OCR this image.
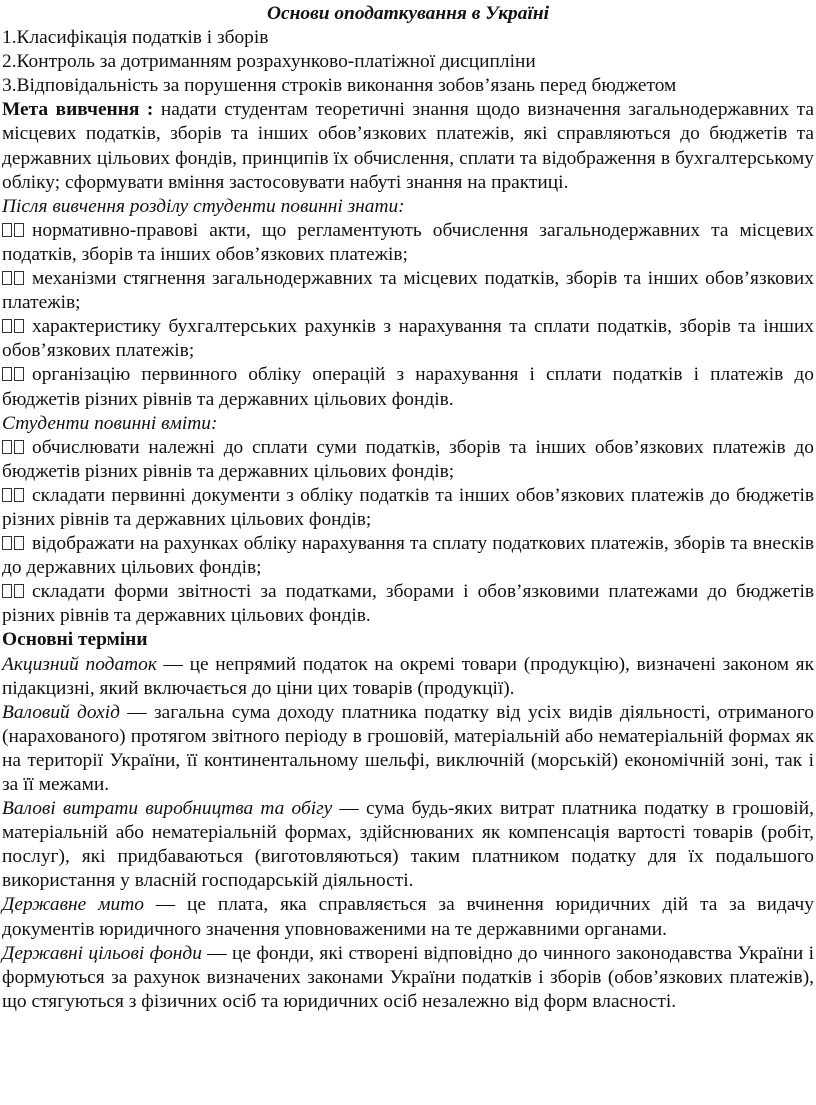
Основи оподаткування в Україні
1.Класифікація податків і зборів
2.Контроль за дотриманням розрахунково-платіжної дисципліни
3.Відповідальність за порушення строків виконання зобов’язань перед бюджетом

Мета вивчення : надати студентам теоретичні знання щодо визначення загальнодержавних та місцевих податків, зборів та інших обов’язкових платежів, які справляються до бюджетів та державних цільових фондів, принципів їх обчислення, сплати та відображення в бухгалтерському обліку; сформувати вміння застосовувати набуті знання на практиці.

Після вивчення розділу студенти повинні знати:

нормативно-правові акти, що регламентують обчислення загальнодержавних та місцевих податків, зборів та інших обов’язкових платежів;

механізми стягнення загальнодержавних та місцевих податків, зборів та інших обов’язкових платежів;

характеристику бухгалтерських рахунків з нарахування та сплати податків, зборів та інших обов’язкових платежів;

організацію первинного обліку операцій з нарахування і сплати податків і платежів до бюджетів різних рівнів та державних цільових фондів.

Студенти повинні вміти:

обчислювати належні до сплати суми податків, зборів та інших обов’язкових платежів до бюджетів різних рівнів та державних цільових фондів;

складати первинні документи з обліку податків та інших обов’язкових платежів до бюджетів різних рівнів та державних цільових фондів;

відображати на рахунках обліку нарахування та сплату податкових платежів, зборів та внесків до державних цільових фондів;

складати форми звітності за податками, зборами і обов’язковими платежами до бюджетів різних рівнів та державних цільових фондів.

Основні терміни

Акцизний податок — це непрямий податок на окремі товари (продукцію), визначені законом як підакцизні, який включається до ціни цих товарів (продукції).

Валовий дохід — загальна сума доходу платника податку від усіх видів діяльності, отриманого (нарахованого) протягом звітного періоду в грошовій, матеріальній або нематеріальній формах як на території України, її континентальному шельфі, виключній (морській) економічній зоні, так і за її межами.

Валові витрати виробництва та обігу — сума будь-яких витрат платника податку в грошовій, матеріальній або нематеріальній формах, здійснюваних як компенсація вартості товарів (робіт, послуг), які придбаваються (виготовляються) таким платником податку для їх подальшого використання у власній господарській діяльності.

Державне мито — це плата, яка справляється за вчинення юридичних дій та за видачу документів юридичного значення уповноваженими на те державними органами.

Державні цільові фонди — це фонди, які створені відповідно до чинного законодавства України і формуються за рахунок визначених законами України податків і зборів (обов’язкових платежів), що стягуються з фізичних осіб та юридичних осіб незалежно від форм власності.
